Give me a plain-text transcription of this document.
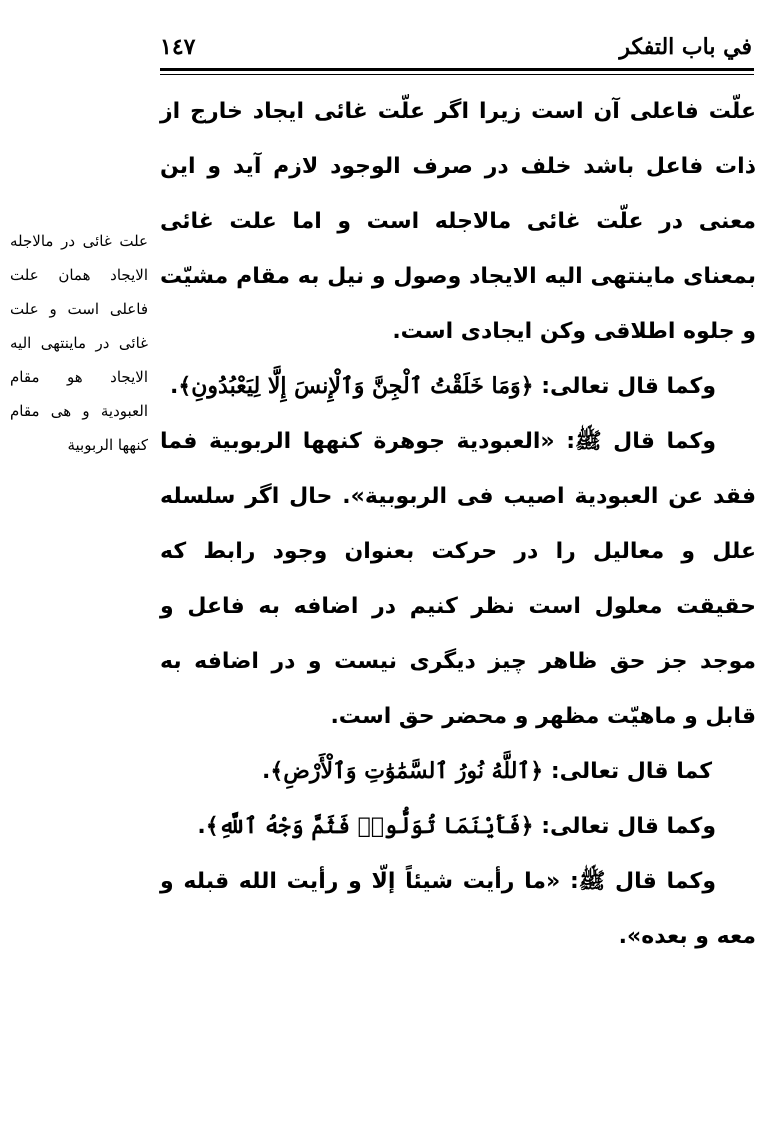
في باب التفكر
١٤٧
علت غائى در مالاجله الايجاد همان علت فاعلى است و علت غائى در ماينتهى اليه الايجاد هو مقام العبودية و هى مقام كنهها الربوبية

علّت فاعلى آن است زيرا اگر علّت غائى ايجاد خارج از ذات فاعل باشد خلف در صرف الوجود لازم آيد و اين معنى در علّت غائى مالاجله است و اما علت غائى بمعناى ماينتهى اليه الايجاد وصول و نيل به مقام مشيّت و جلوه اطلاقى وكن ايجادى است.

وكما قال تعالى: ﴿وَمَا خَلَقْتُ ٱلْجِنَّ وَٱلْإِنسَ إِلَّا لِيَعْبُدُونِ﴾.

وكما قال ﷺ: «العبودية جوهرة كنهها الربوبية فما فقد عن العبودية اصيب فى الربوبية». حال اگر سلسله علل و معاليل را در حركت بعنوان وجود رابط كه حقيقت معلول است نظر كنيم در اضافه به فاعل و موجد جز حق ظاهر چيز ديگرى نيست و در اضافه به قابل و ماهيّت مظهر و محضر حق است.

كما قال تعالى: ﴿ٱللَّهُ نُورُ ٱلسَّمَٰوَٰتِ وَٱلْأَرْضِ﴾.

وكما قال تعالى: ﴿فَأَيْنَمَا تُوَلُّوا۟ فَثَمَّ وَجْهُ ٱللَّهِ﴾.

وكما قال ﷺ: «ما رأيت شيئاً إلّا و رأيت الله قبله و معه و بعده».
